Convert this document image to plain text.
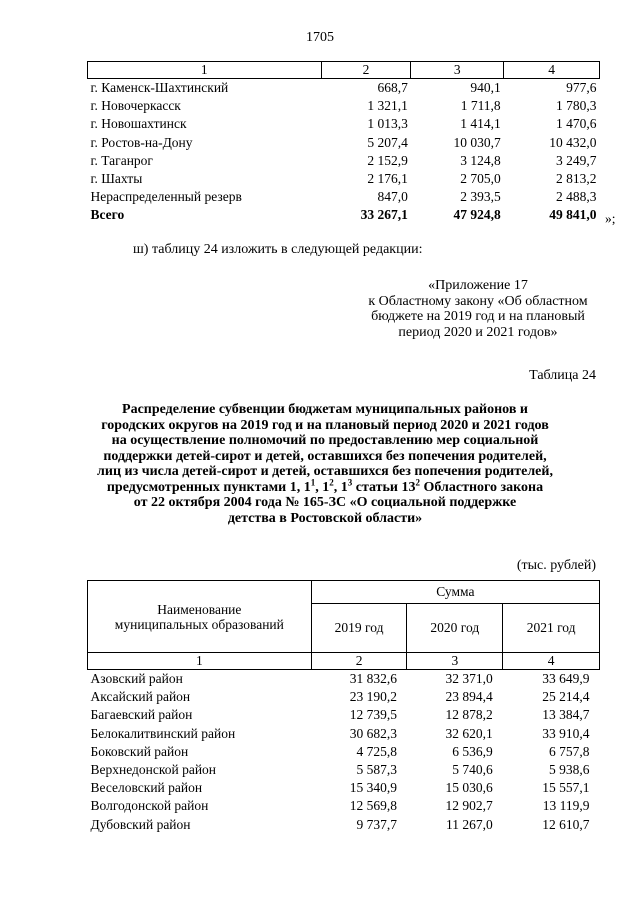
1705
1	2	3	4
г. Каменск-Шахтинский	668,7	940,1	977,6
г. Новочеркасск	1 321,1	1 711,8	1 780,3
г. Новошахтинск	1 013,3	1 414,1	1 470,6
г. Ростов-на-Дону	5 207,4	10 030,7	10 432,0
г. Таганрог	2 152,9	3 124,8	3 249,7
г. Шахты	2 176,1	2 705,0	2 813,2
Нераспределенный резерв	847,0	2 393,5	2 488,3
Всего	33 267,1	47 924,8	49 841,0 »;
ш) таблицу 24 изложить в следующей редакции:
«Приложение 17
к Областному закону «Об областном
бюджете на 2019 год и на плановый
период 2020 и 2021 годов»
Таблица 24
Распределение субвенции бюджетам муниципальных районов и
городских округов на 2019 год и на плановый период 2020 и 2021 годов
на осуществление полномочий по предоставлению мер социальной
поддержки детей-сирот и детей, оставшихся без попечения родителей,
лиц из числа детей-сирот и детей, оставшихся без попечения родителей,
предусмотренных пунктами 1, $1^1$, $1^2$, $1^3$ статьи $13^2$ Областного закона
от 22 октября 2004 года № 165-ЗС «О социальной поддержке
детства в Ростовской области»
(тыс. рублей)
Наименование
муниципальных образований	Сумма		
	2019 год	2020 год	2021 год
1	2	3	4
Азовский район	31 832,6	32 371,0	33 649,9
Аксайский район	23 190,2	23 894,4	25 214,4
Багаевский район	12 739,5	12 878,2	13 384,7
Белокалитвинский район	30 682,3	32 620,1	33 910,4
Боковский район	4 725,8	6 536,9	6 757,8
Верхнедонской район	5 587,3	5 740,6	5 938,6
Веселовский район	15 340,9	15 030,6	15 557,1
Волгодонской район	12 569,8	12 902,7	13 119,9
Дубовский район	9 737,7	11 267,0	12 610,7
